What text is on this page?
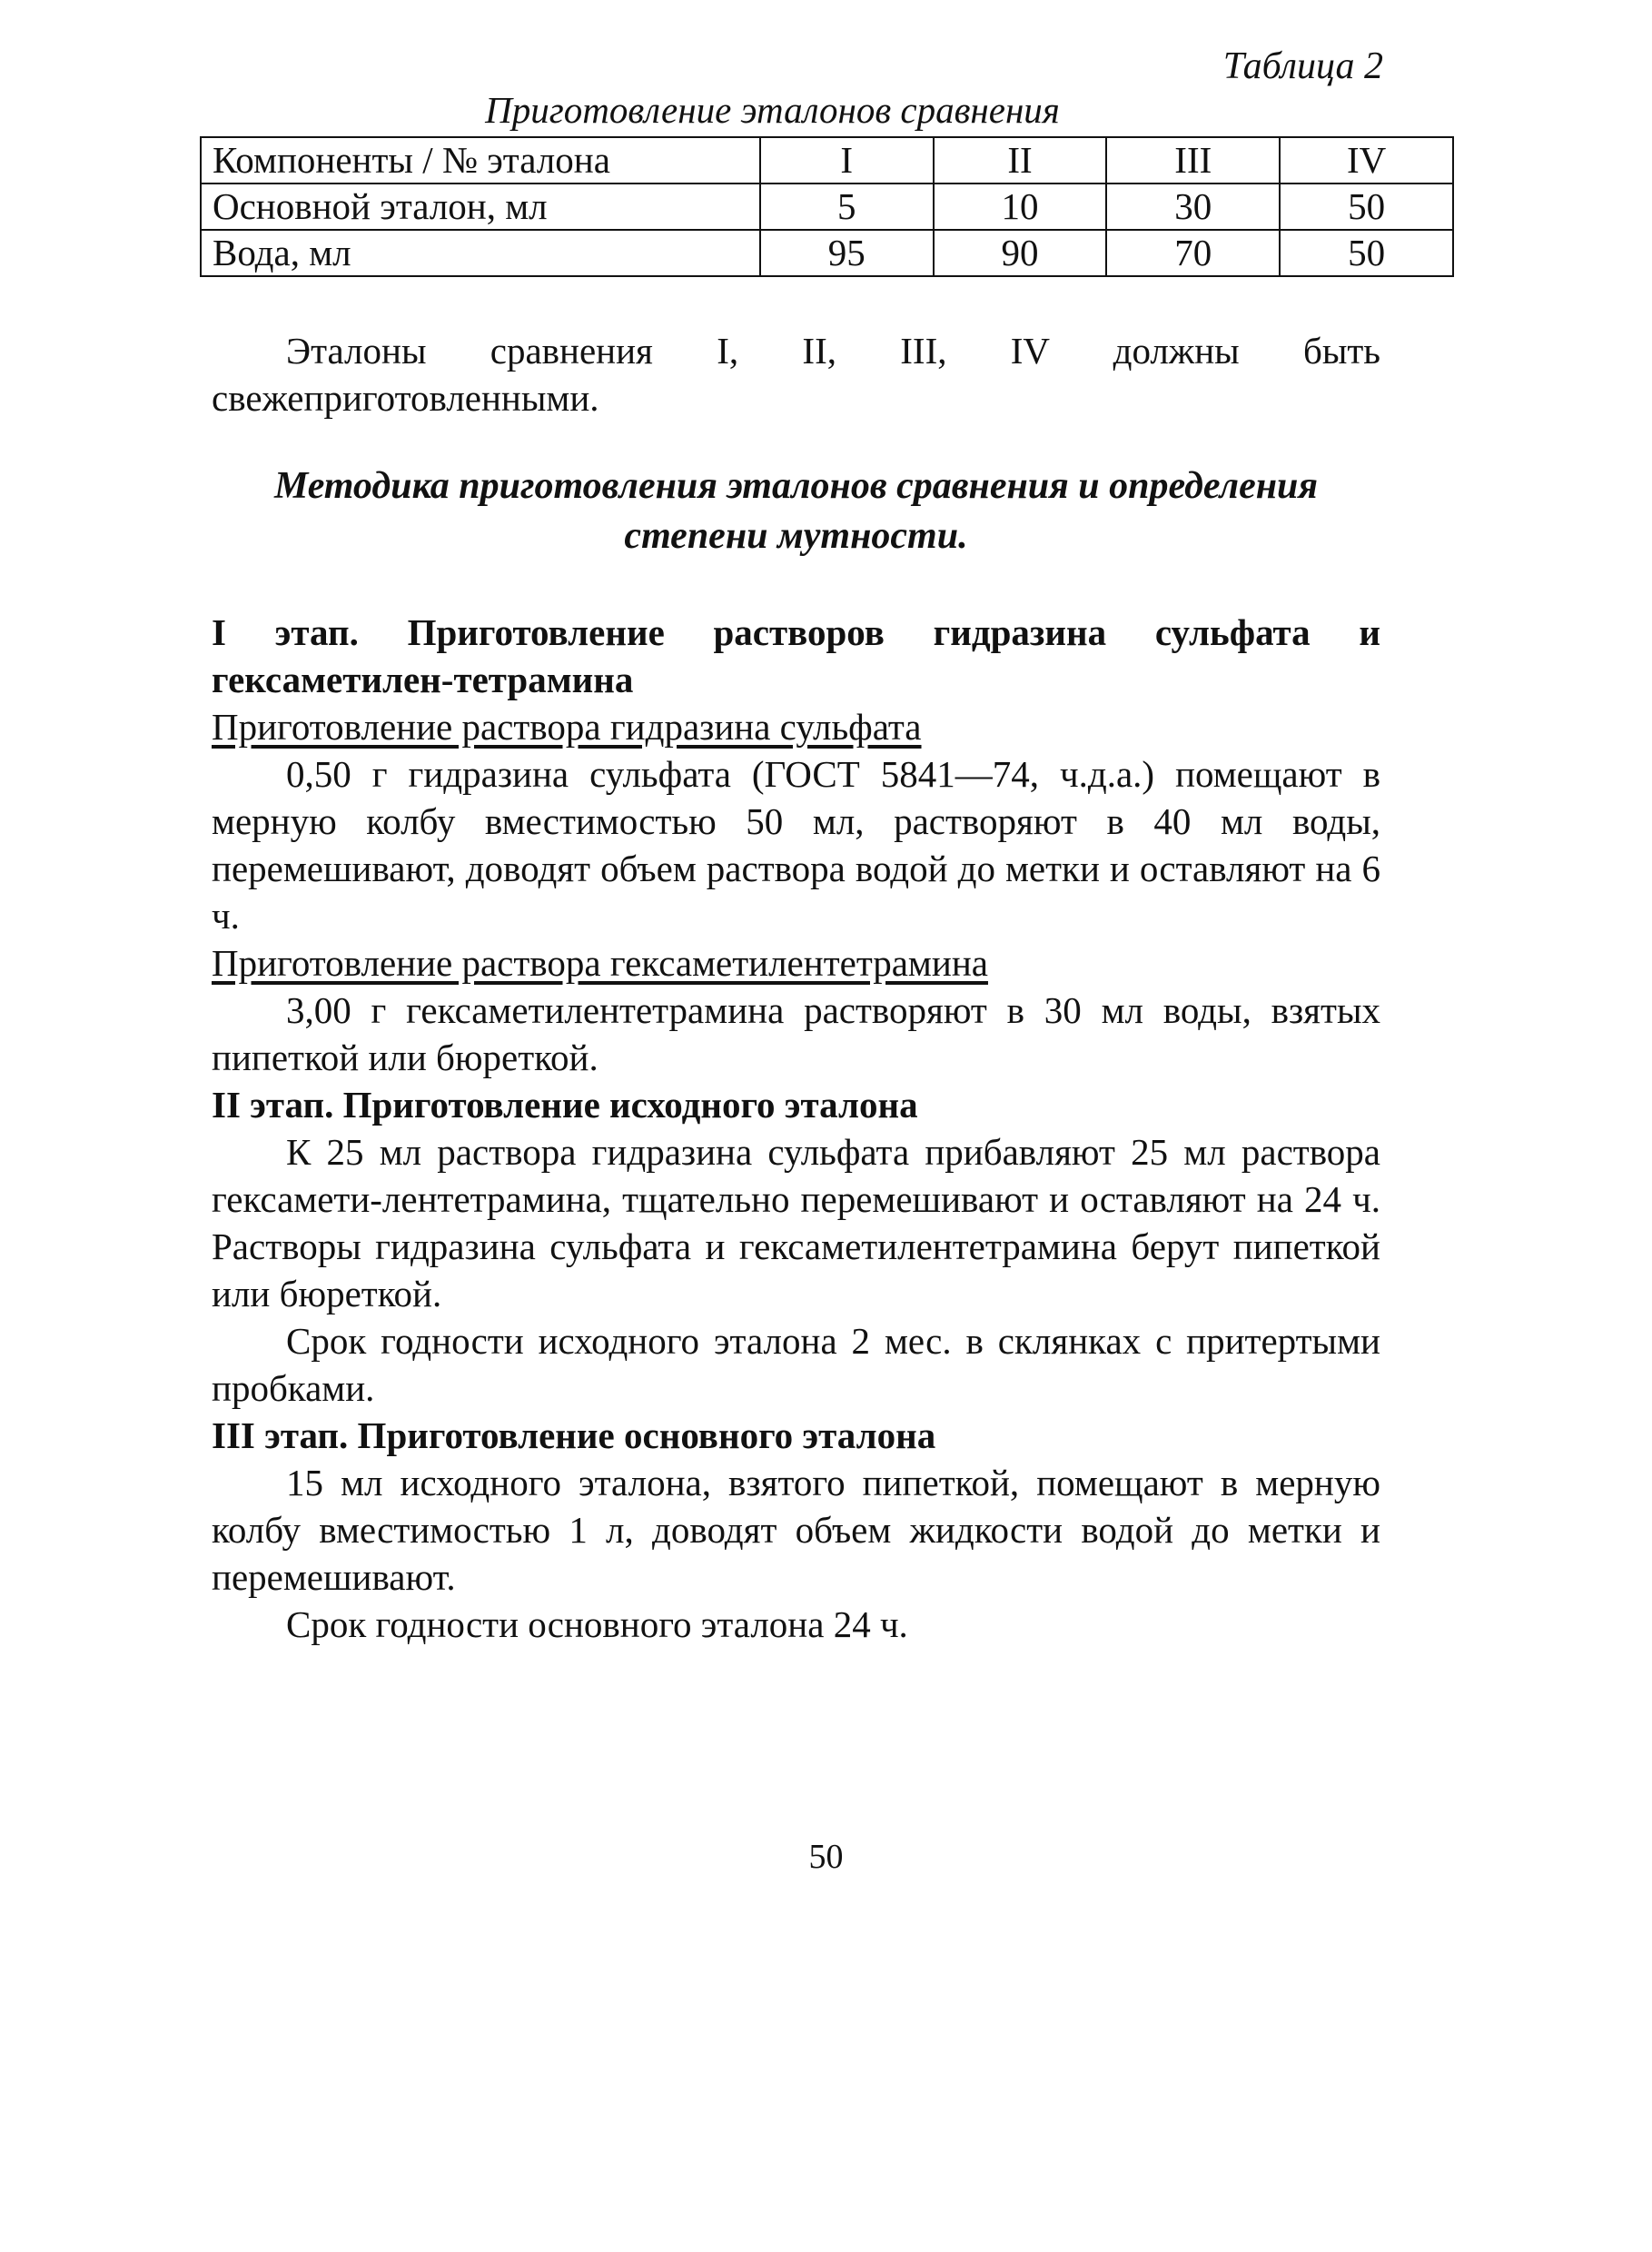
Таблица 2
Приготовление эталонов сравнения
Компоненты / № эталона	I	II	III	IV
Основной эталон, мл	5	10	30	50
Вода, мл	95	90	70	50

Эталоны сравнения I, II, III, IV должны быть свежеприготовленными.

Методика приготовления эталонов сравнения и определения степени мутности.

I этап. Приготовление растворов гидразина сульфата и гексаметилен-тетрамина

Приготовление раствора гидразина сульфата

0,50 г гидразина сульфата (ГОСТ 5841—74, ч.д.а.) помещают в мерную колбу вместимостью 50 мл, растворяют в 40 мл воды, перемешивают, доводят объем раствора водой до метки и оставляют на 6 ч.

Приготовление раствора гексаметилентетрамина

3,00 г гексаметилентетрамина растворяют в 30 мл воды, взятых пипеткой или бюреткой.

II этап. Приготовление исходного эталона

К 25 мл раствора гидразина сульфата прибавляют 25 мл раствора гексамети-лентетрамина, тщательно перемешивают и оставляют на 24 ч. Растворы гидразина сульфата и гексаметилентетрамина берут пипеткой или бюреткой.

Срок годности исходного эталона 2 мес. в склянках с притертыми пробками.

III этап. Приготовление основного эталона

15 мл исходного эталона, взятого пипеткой, помещают в мерную колбу вместимостью 1 л, доводят объем жидкости водой до метки и перемешивают.

Срок годности основного эталона 24 ч.

50
